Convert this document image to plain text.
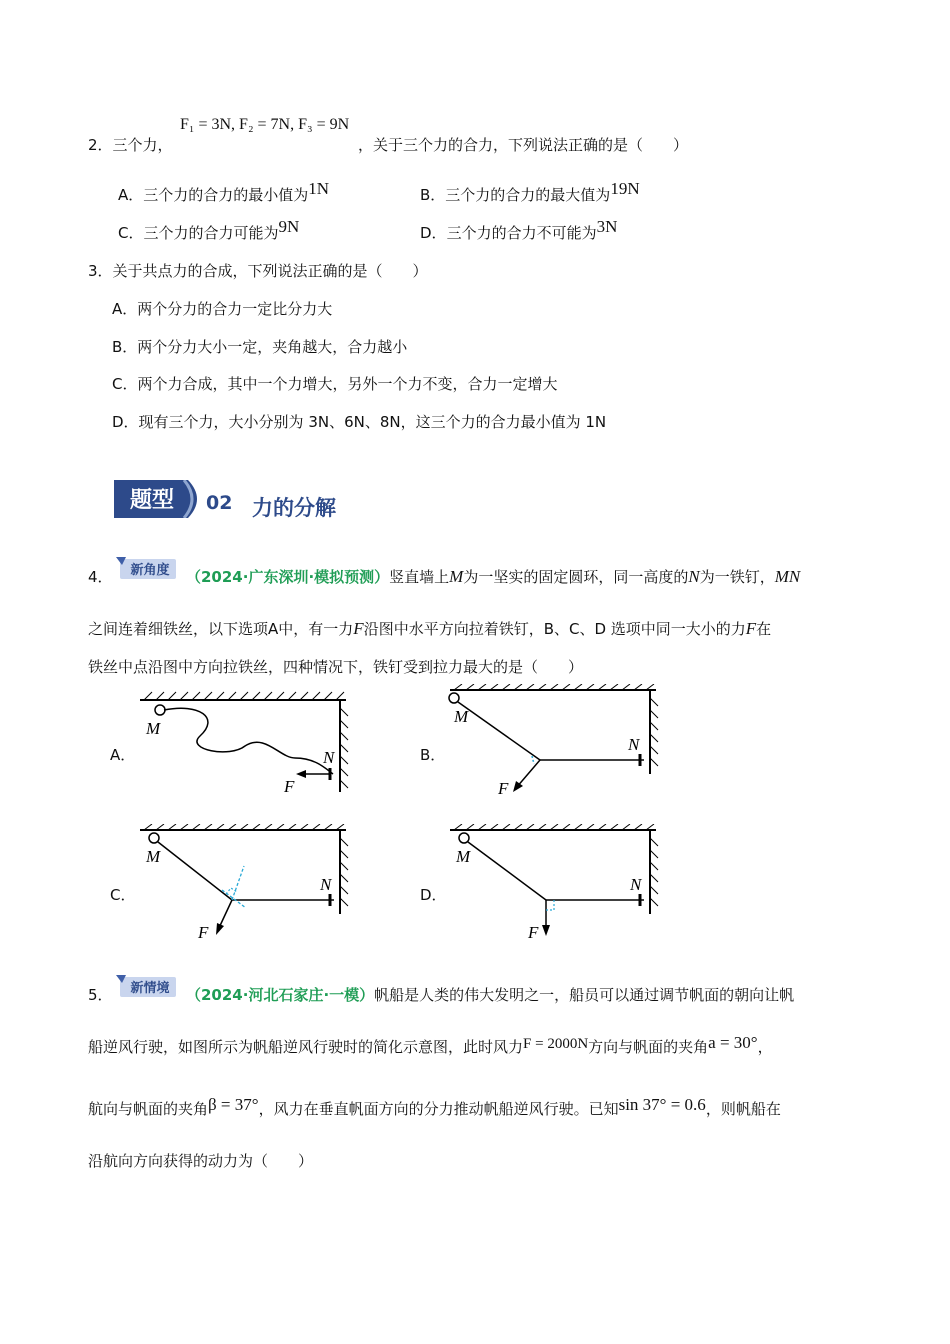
2．三个力，
F₁ = 3N, F₂ = 7N, F₃ = 9N
，关于三个力的合力，下列说法正确的是（　　）
A．三个力的合力的最小值为1N	B．三个力的合力的最大值为19N
C．三个力的合力可能为9N	D．三个力的合力不可能为3N
3．关于共点力的合成，下列说法正确的是（　　）
A．两个分力的合力一定比分力大
B．两个分力大小一定，夹角越大，合力越小
C．两个力合成，其中一个力增大，另外一个力不变，合力一定增大
D．现有三个力，大小分别为 3N、6N、8N，这三个力的合力最小值为 1N
题型 02 力的分解
4． 新角度 （2024·广东深圳·模拟预测）竖直墙上M为一坚实的固定圆环，同一高度的N为一铁钉，MN
之间连着细铁丝，以下选项A中，有一力F沿图中水平方向拉着铁钉，B、C、D 选项中同一大小的力F在
铁丝中点沿图中方向拉铁丝，四种情况下，铁钉受到拉力最大的是（　　）
A．
M
N
F
B．
M
N
F
C．
M
N
F
D．
M
N
F
5． 新情境 （2024·河北石家庄·一模）帆船是人类的伟大发明之一，船员可以通过调节帆面的朝向让帆
船逆风行驶，如图所示为帆船逆风行驶时的简化示意图，此时风力F = 2000N方向与帆面的夹角a = 30°，
航向与帆面的夹角β = 37°，风力在垂直帆面方向的分力推动帆船逆风行驶。已知sin 37° = 0.6，则帆船在
沿航向方向获得的动力为（　　）
